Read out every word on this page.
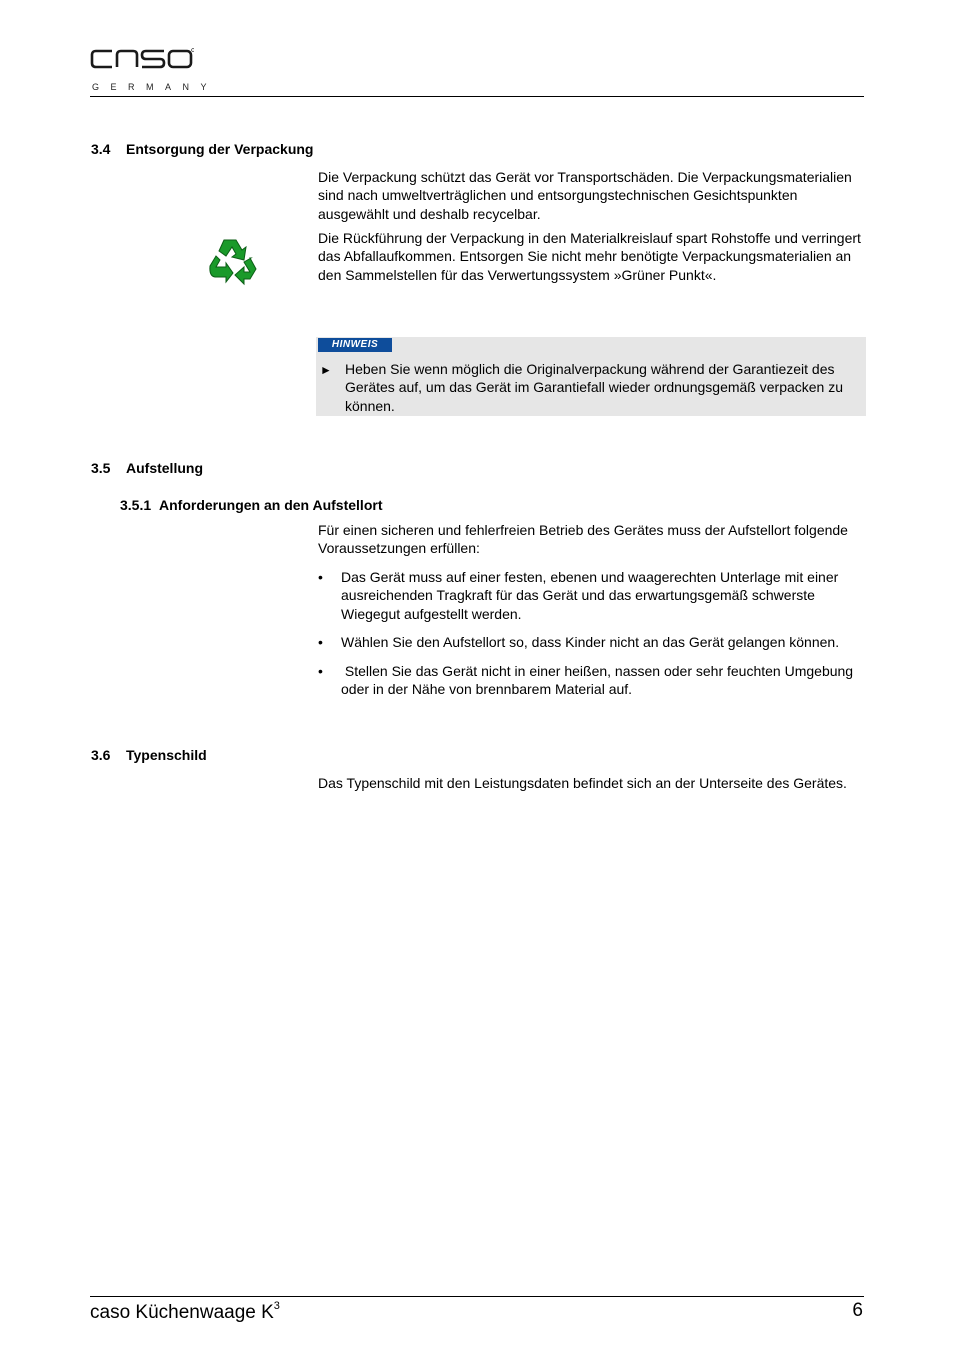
GERMANY
3.4 Entsorgung der Verpackung

Die Verpackung schützt das Gerät vor Transportschäden. Die Verpackungsmaterialien sind nach umweltverträglichen und entsorgungstechnischen Gesichtspunkten ausgewählt und deshalb recycelbar.

Die Rückführung der Verpackung in den Materialkreislauf spart Rohstoffe und verringert das Abfallaufkommen. Entsorgen Sie nicht mehr benötigte Verpackungsmaterialien an den Sammelstellen für das Verwertungssystem »Grüner Punkt«.

HINWEIS
► Heben Sie wenn möglich die Originalverpackung während der Garantiezeit des Gerätes auf, um das Gerät im Garantiefall wieder ordnungsgemäß verpacken zu können.

3.5 Aufstellung
3.5.1 Anforderungen an den Aufstellort

Für einen sicheren und fehlerfreien Betrieb des Gerätes muss der Aufstellort folgende Voraussetzungen erfüllen:

• Das Gerät muss auf einer festen, ebenen und waagerechten Unterlage mit einer ausreichenden Tragkraft für das Gerät und das erwartungsgemäß schwerste Wiegegut aufgestellt werden.
• Wählen Sie den Aufstellort so, dass Kinder nicht an das Gerät gelangen können.
• Stellen Sie das Gerät nicht in einer heißen, nassen oder sehr feuchten Umgebung oder in der Nähe von brennbarem Material auf.
3.6 Typenschild

Das Typenschild mit den Leistungsdaten befindet sich an der Unterseite des Gerätes.

caso Küchenwaage $K^3$	6
